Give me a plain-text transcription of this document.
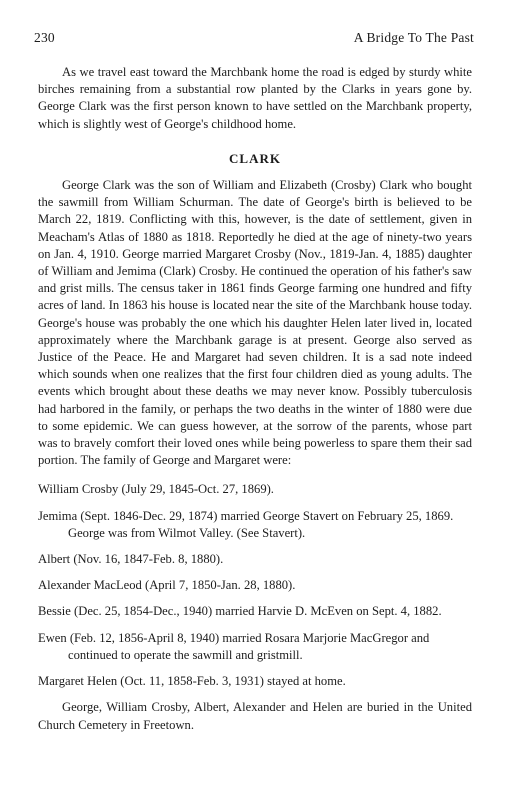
230	A Bridge To The Past

As we travel east toward the Marchbank home the road is edged by sturdy white birches remaining from a substantial row planted by the Clarks in years gone by. George Clark was the first person known to have settled on the Marchbank property, which is slightly west of George's childhood home.

CLARK

George Clark was the son of William and Elizabeth (Crosby) Clark who bought the sawmill from William Schurman. The date of George's birth is believed to be March 22, 1819. Conflicting with this, however, is the date of settlement, given in Meacham's Atlas of 1880 as 1818. Reportedly he died at the age of ninety-two years on Jan. 4, 1910. George married Margaret Crosby (Nov., 1819-Jan. 4, 1885) daughter of William and Jemima (Clark) Crosby. He continued the operation of his father's saw and grist mills. The census taker in 1861 finds George farming one hundred and fifty acres of land. In 1863 his house is located near the site of the Marchbank house today. George's house was probably the one which his daughter Helen later lived in, located approximately where the Marchbank garage is at present. George also served as Justice of the Peace. He and Margaret had seven children. It is a sad note indeed which sounds when one realizes that the first four children died as young adults. The events which brought about these deaths we may never know. Possibly tuberculosis had harbored in the family, or perhaps the two deaths in the winter of 1880 were due to some epidemic. We can guess however, at the sorrow of the parents, whose part was to bravely comfort their loved ones while being powerless to spare them their sad portion. The family of George and Margaret were:

William Crosby (July 29, 1845-Oct. 27, 1869).

Jemima (Sept. 1846-Dec. 29, 1874) married George Stavert on February 25, 1869. George was from Wilmot Valley. (See Stavert).

Albert (Nov. 16, 1847-Feb. 8, 1880).

Alexander MacLeod (April 7, 1850-Jan. 28, 1880).

Bessie (Dec. 25, 1854-Dec., 1940) married Harvie D. McEven on Sept. 4, 1882.

Ewen (Feb. 12, 1856-April 8, 1940) married Rosara Marjorie MacGregor and continued to operate the sawmill and gristmill.

Margaret Helen (Oct. 11, 1858-Feb. 3, 1931) stayed at home.

George, William Crosby, Albert, Alexander and Helen are buried in the United Church Cemetery in Freetown.
